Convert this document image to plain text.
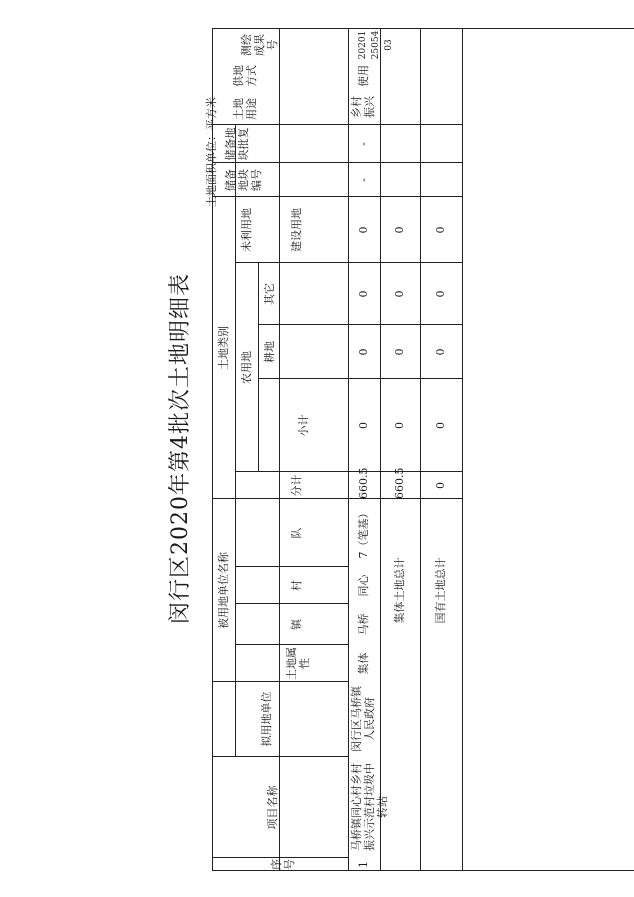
闵行区2020年第4批次土地明细表
土地面积单位：平方米
序号
项目名称
拟用地单位
被用地单位名称
土地属性
镇
村
队
土地类别
分计
农用地
小计
耕地
其它
建设用地
未利用地
储备地块编号
储备地块批复
土地用途
供地方式
测绘成果号
1
马桥镇同心村乡村振兴示范村垃圾中转站
闵行区马桥镇人民政府
集体
马桥
同心
7（笔基）
660.5
0
0
0
0
-
-
乡村振兴
使用
202012505403
集体土地总计
660.5
0
0
0
0
国有土地总计
0
0
0
0
0
